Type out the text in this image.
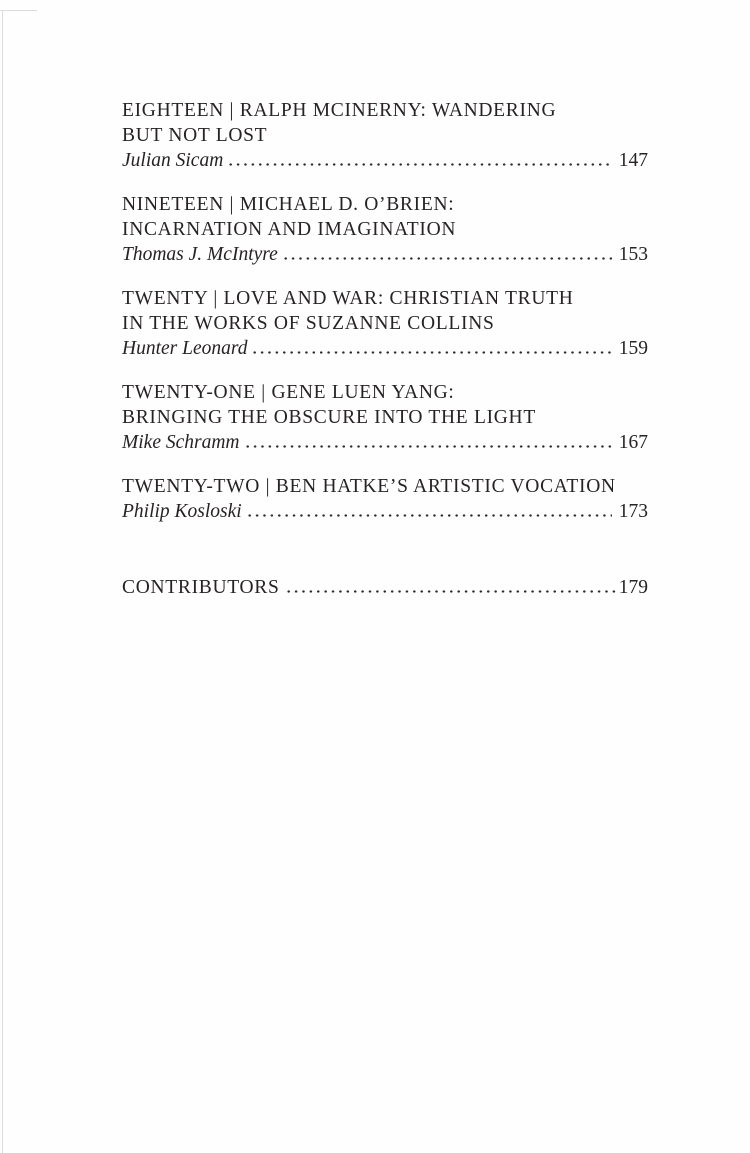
EIGHTEEN | RALPH MCINERNY: WANDERING
BUT NOT LOST
Julian Sicam	147
NINETEEN | MICHAEL D. O’BRIEN:
INCARNATION AND IMAGINATION
Thomas J. McIntyre	153
TWENTY | LOVE AND WAR: CHRISTIAN TRUTH
IN THE WORKS OF SUZANNE COLLINS
Hunter Leonard	159
TWENTY-ONE | GENE LUEN YANG:
BRINGING THE OBSCURE INTO THE LIGHT
Mike Schramm	167
TWENTY-TWO | BEN HATKE’S ARTISTIC VOCATION
Philip Kosloski	173
CONTRIBUTORS	179
